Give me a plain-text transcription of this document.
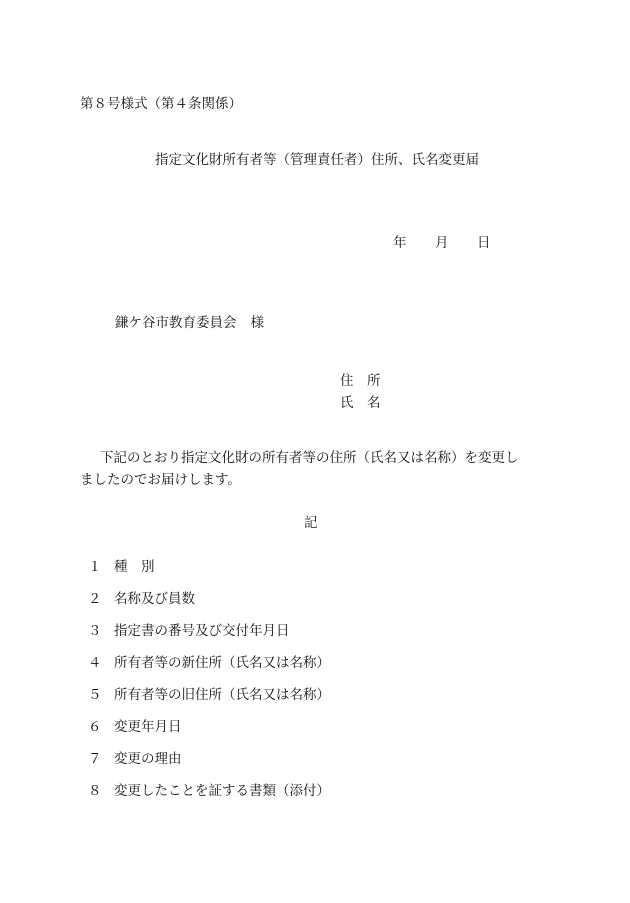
第８号様式（第４条関係）
指定文化財所有者等（管理責任者）住所、氏名変更届
年 月 日
鎌ケ谷市教育委員会 様
住　所
氏　名
下記のとおり指定文化財の所有者等の住所（氏名又は名称）を変更し
ましたのでお届けします。
記
１ 種　別
２ 名称及び員数
３ 指定書の番号及び交付年月日
４ 所有者等の新住所（氏名又は名称）
５ 所有者等の旧住所（氏名又は名称）
６ 変更年月日
７ 変更の理由
８ 変更したことを証する書類（添付）
